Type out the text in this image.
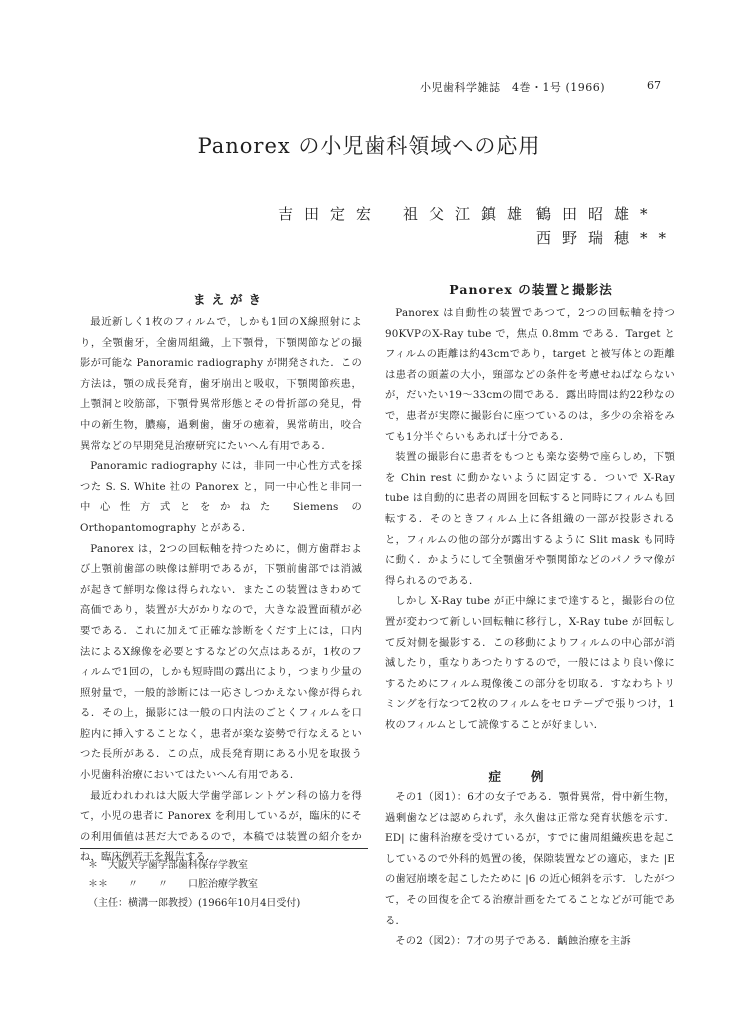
小児歯科学雑誌　4巻・1号 (1966)	67
Panorex の小児歯科領域への応用
吉田定宏 祖父江鎮雄 鶴田昭雄*
西野瑞穂**
まえがき

最近新しく1枚のフィルムで，しかも1回のX線照射により，全顎歯牙，全歯周組織，上下顎骨，下顎関節などの撮影が可能な Panoramic radiography が開発された．この方法は，顎の成長発育，歯牙崩出と吸収，下顎関節疾患，上顎洞と咬筋部，下顎骨異常形態とその骨折部の発見，骨中の新生物，膿瘍，過剰歯，歯牙の癒着，異常萌出，咬合異常などの早期発見治療研究にたいへん有用である．

Panoramic radiography には，非同一中心性方式を採つた S. S. White 社の Panorex と，同一中心性と非同一中心性方式とをかねた Siemens の Orthopantomography とがある．

Panorex は，2つの回転軸を持つために，側方歯群および上顎前歯部の映像は鮮明であるが，下顎前歯部では消滅が起きて鮮明な像は得られない．またこの装置はきわめて高価であり，装置が大がかりなので，大きな設置面積が必要である．これに加えて正確な診断をくだす上には，口内法によるX線像を必要とするなどの欠点はあるが，1枚のフィルムで1回の，しかも短時間の露出により，つまり少量の照射量で，一般的診断には一応さしつかえない像が得られる．その上，撮影には一般の口内法のごとくフィルムを口腔内に挿入することなく，患者が楽な姿勢で行なえるといつた長所がある．この点，成長発育期にある小児を取扱う小児歯科治療においてはたいへん有用である．

最近われわれは大阪大学歯学部レントゲン科の協力を得て，小児の患者に Panorex を利用しているが，臨床的にその利用価値は甚だ大であるので，本稿では装置の紹介をかね，臨床例若干を報告する．

＊　大阪大学歯学部歯科保存学教室
＊＊　　〃　　〃　　口腔治療学教室
（主任：横溝一郎教授）(1966年10月4日受付)
Panorex の装置と撮影法

Panorex は自動性の装置であつて，2つの回転軸を持つ 90KVPのX-Ray tube で，焦点 0.8mm である．Target とフィルムの距離は約43cmであり，target と被写体との距離は患者の頭蓋の大小，頸部などの条件を考慮せねばならないが，だいたい19～33cmの間である．露出時間は約22秒なので，患者が実際に撮影台に座つているのは，多少の余裕をみても1分半ぐらいもあれば十分である．

装置の撮影台に患者をもつとも楽な姿勢で座らしめ，下顎を Chin rest に動かないように固定する．ついで X-Ray tube は自動的に患者の周囲を回転すると同時にフィルムも回転する．そのときフィルム上に各組織の一部が投影されると，フィルムの他の部分が露出するように Slit mask も同時に動く．かようにして全顎歯牙や顎関節などのパノラマ像が得られるのである．

しかし X-Ray tube が正中線にまで達すると，撮影台の位置が変わつて新しい回転軸に移行し，X-Ray tube が回転して反対側を撮影する．この移動によりフィルムの中心部が消滅したり，重なりあつたりするので，一般にはより良い像にするためにフィルム現像後この部分を切取る．すなわちトリミングを行なつて2枚のフィルムをセロテープで張りつけ，1枚のフィルムとして読像することが好ましい．

症例

その1（図1）：6才の女子である．顎骨異常，骨中新生物，過剰歯などは認められず，永久歯は正常な発育状態を示す．ED| に歯科治療を受けているが，すでに歯周組織疾患を起こしているので外科的処置の後，保隙装置などの適応，また |E の歯冠崩壊を起こしたために |6 の近心傾斜を示す．したがつて，その回復を企てる治療計画をたてることなどが可能である．

その2（図2）：7才の男子である．齲蝕治療を主訴
